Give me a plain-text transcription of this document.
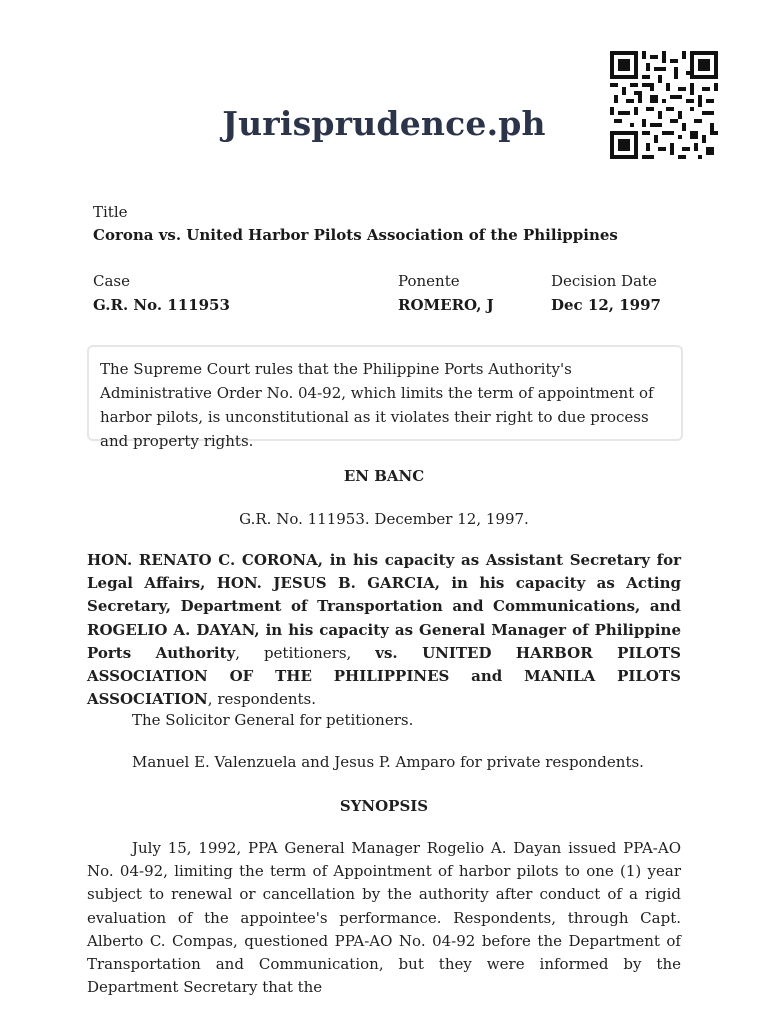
Jurisprudence.ph
Title
Corona vs. United Harbor Pilots Association of the Philippines
Case
G.R. No. 111953
Ponente
ROMERO, J
Decision Date
Dec 12, 1997
The Supreme Court rules that the Philippine Ports Authority's Administrative Order No. 04-92, which limits the term of appointment of harbor pilots, is unconstitutional as it violates their right to due process and property rights.
EN BANC
G.R. No. 111953. December 12, 1997.
HON. RENATO C. CORONA, in his capacity as Assistant Secretary for Legal Affairs, HON. JESUS B. GARCIA, in his capacity as Acting Secretary, Department of Transportation and Communications, and ROGELIO A. DAYAN, in his capacity as General Manager of Philippine Ports Authority, petitioners, vs. UNITED HARBOR PILOTS ASSOCIATION OF THE PHILIPPINES and MANILA PILOTS ASSOCIATION, respondents.
The Solicitor General for petitioners.
Manuel E. Valenzuela and Jesus P. Amparo for private respondents.
SYNOPSIS
July 15, 1992, PPA General Manager Rogelio A. Dayan issued PPA-AO No. 04-92, limiting the term of Appointment of harbor pilots to one (1) year subject to renewal or cancellation by the authority after conduct of a rigid evaluation of the appointee's performance. Respondents, through Capt. Alberto C. Compas, questioned PPA-AO No. 04-92 before the Department of Transportation and Communication, but they were informed by the Department Secretary that the
